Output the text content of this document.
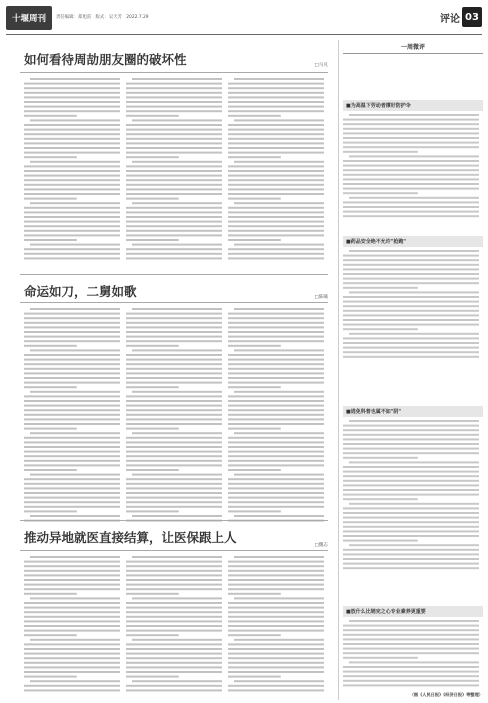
十堰周刊 责任编辑：郑旭雷　版式：吴天芳　2022.7.29	评论 03
如何看待周劼朋友圈的破坏性	□马兑
命运如刀，二舅如歌	□陈曦
推动异地就医直接结算，让医保跟上人
□魏志
一周微评
■为高温下劳动者撑好防护伞
■药品安全绝不允许"抢跑"
■逃免科普也属不如"阴"
■放什么比销完之心专业素养更重要
（据《人民日报》《经济日报》等整理）
